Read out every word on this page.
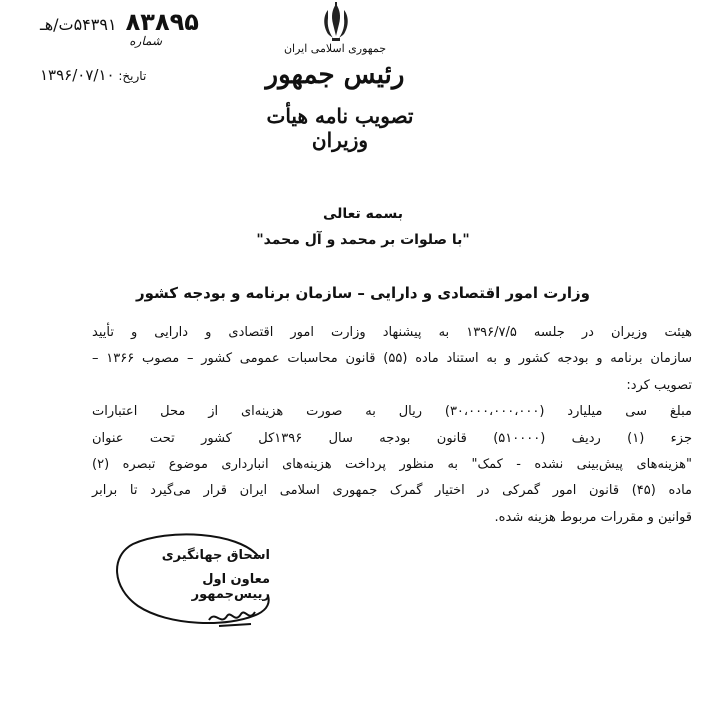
۸۳۸۹۵ ۵۴۳۹۱ت/هـ
شماره
تاریخ: ۱۳۹۶/۰۷/۱۰
جمهوری اسلامی ایران
رئیس جمهور
تصویب نامه هیأت وزیران
بسمه تعالی
"با صلوات بر محمد و آل محمد"
وزارت امور اقتصادی و دارایی – سازمان برنامه و بودجه کشور
هیئت وزیران در جلسه ۱۳۹۶/۷/۵ به پیشنهاد وزارت امور اقتصادی و دارایی و تأیید
سازمان برنامه و بودجه کشور و به استناد ماده (۵۵) قانون محاسبات عمومی کشور – مصوب ۱۳۶۶ –
تصویب کرد:
مبلغ سی میلیارد (۳۰،۰۰۰،۰۰۰،۰۰۰) ریال به صورت هزینه‌ای از محل اعتبارات
جزء (۱) ردیف (۵۱۰۰۰۰) قانون بودجه سال ۱۳۹۶کل کشور تحت عنوان
"هزینه‌های پیش‌بینی نشده - کمک" به منظور پرداخت هزینه‌های انبارداری موضوع تبصره (۲)
ماده (۴۵) قانون امور گمرکی در اختیار گمرک جمهوری اسلامی ایران قرار می‌گیرد تا برابر
قوانین و مقررات مربوط هزینه شده.
اسحاق جهانگیری
معاون اول رییس‌جمهور
